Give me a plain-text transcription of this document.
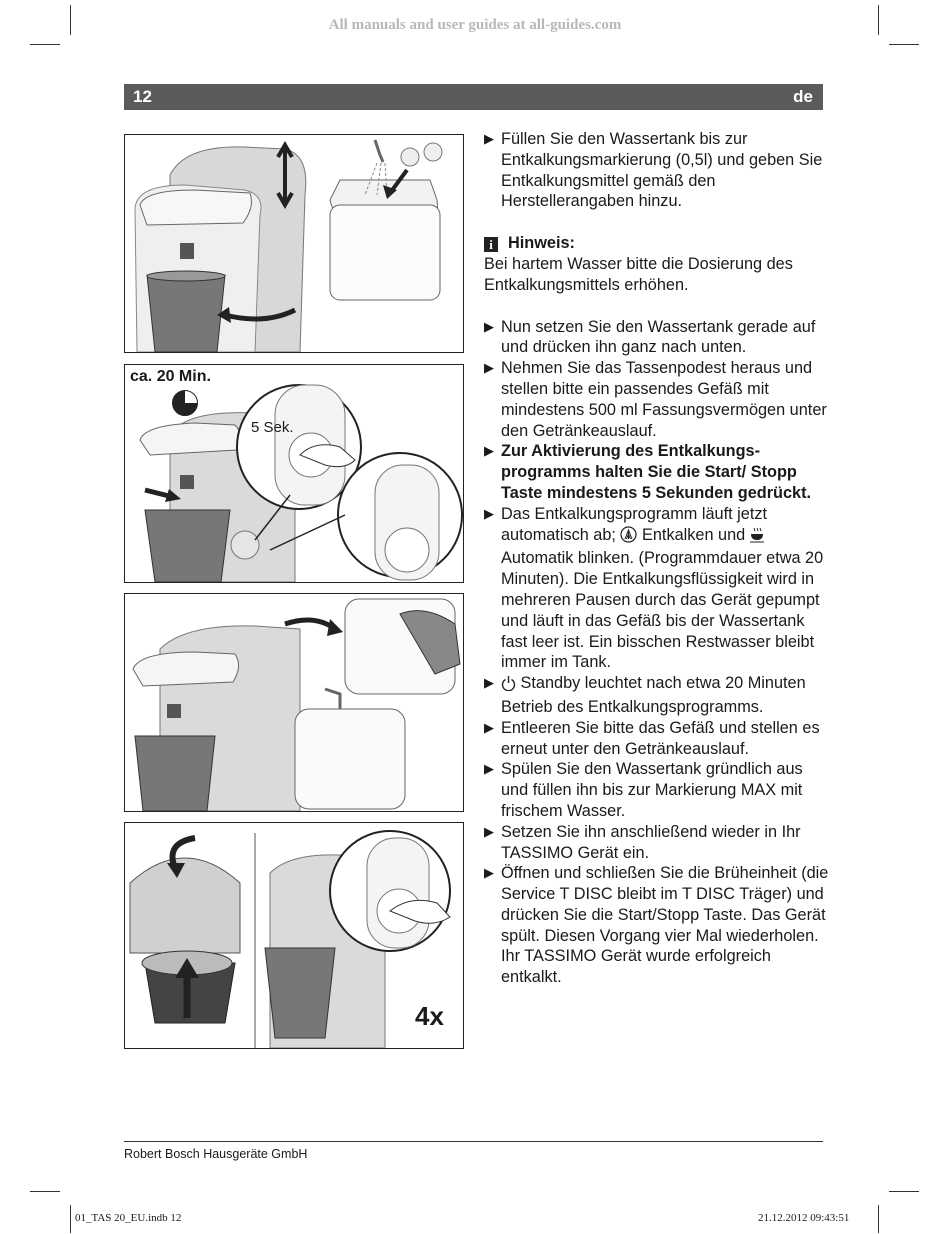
All manuals and user guides at all-guides.com
12	de
ca. 20 Min.
5 Sek.
4x

▶ Füllen Sie den Wassertank bis zur Entkalkungsmarkierung (0,5l) und geben Sie Entkalkungsmittel gemäß den Herstellerangaben hinzu.

i Hinweis:

Bei hartem Wasser bitte die Dosierung des Entkalkungsmittels erhöhen.

▶ Nun setzen Sie den Wassertank gerade auf und drücken ihn ganz nach unten.

▶ Nehmen Sie das Tassenpodest heraus und stellen bitte ein passendes Gefäß mit mindestens 500 ml Fassungsvermögen unter den Getränkeauslauf.

▶ Zur Aktivierung des Entkalkungs-programms halten Sie die Start/ Stopp Taste mindestens 5 Sekunden gedrückt.

▶ Das Entkalkungsprogramm läuft jetzt automatisch ab; Entkalken und  Automatik blinken. (Programmdauer etwa 20 Minuten). Die Entkalkungsflüssigkeit wird in mehreren Pausen durch das Gerät gepumpt und läuft in das Gefäß bis der Wassertank fast leer ist. Ein bisschen Restwasser bleibt immer im Tank.

▶ Standby leuchtet nach etwa 20 Minuten Betrieb des Entkalkungsprogramms.

▶ Entleeren Sie bitte das Gefäß und stellen es erneut unter den Getränkeauslauf.

▶ Spülen Sie den Wassertank gründlich aus und füllen ihn bis zur Markierung MAX mit frischem Wasser.

▶ Setzen Sie ihn anschließend wieder in Ihr TASSIMO Gerät ein.

▶ Öffnen und schließen Sie die Brüheinheit (die Service T DISC bleibt im T DISC Träger) und drücken Sie die Start/Stopp Taste. Das Gerät spült. Diesen Vorgang vier Mal wiederholen.

Ihr TASSIMO Gerät wurde erfolgreich entkalkt.

Robert Bosch Hausgeräte GmbH
01_TAS 20_EU.indb 12	21.12.2012 09:43:51
